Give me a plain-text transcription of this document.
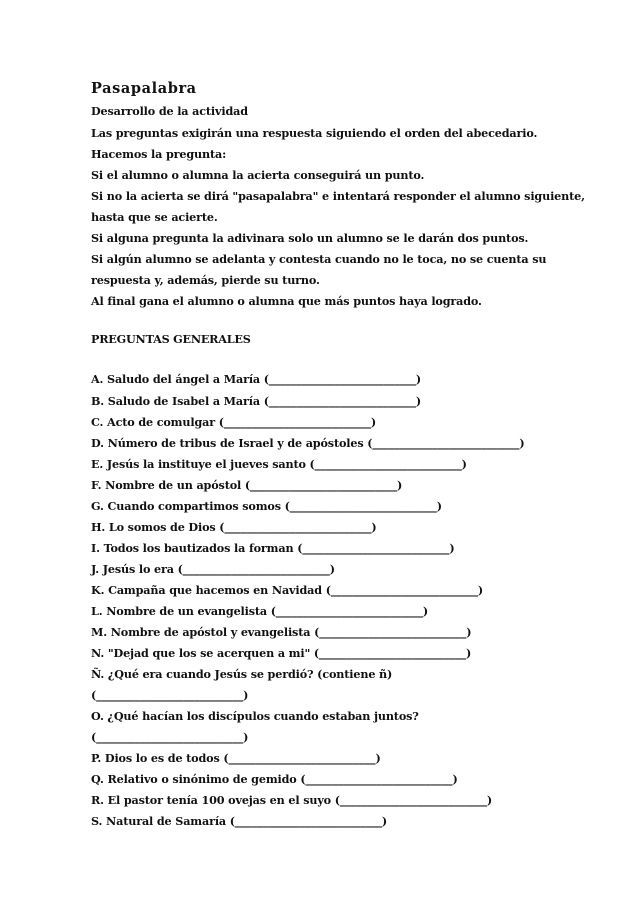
Pasapalabra
Desarrollo de la actividad
Las preguntas exigirán una respuesta siguiendo el orden del abecedario.
Hacemos la pregunta:
Si el alumno o alumna la acierta conseguirá un punto.
Si no la acierta se dirá "pasapalabra" e intentará responder el alumno siguiente,
hasta que se acierte.
Si alguna pregunta la adivinara solo un alumno se le darán dos puntos.
Si algún alumno se adelanta y contesta cuando no le toca, no se cuenta su
respuesta y, además, pierde su turno.
Al final gana el alumno o alumna que más puntos haya logrado.
PREGUNTAS GENERALES
A. Saludo del ángel a María (___________________________)
B. Saludo de Isabel a María (___________________________)
C. Acto de comulgar (___________________________)
D. Número de tribus de Israel y de apóstoles (___________________________)
E. Jesús la instituye el jueves santo (___________________________)
F. Nombre de un apóstol (___________________________)
G. Cuando compartimos somos (___________________________)
H. Lo somos de Dios (___________________________)
I. Todos los bautizados la forman (___________________________)
J. Jesús lo era (___________________________)
K. Campaña que hacemos en Navidad (___________________________)
L. Nombre de un evangelista (___________________________)
M. Nombre de apóstol y evangelista (___________________________)
N. "Dejad que los se acerquen a mi" (___________________________)
Ñ. ¿Qué era cuando Jesús se perdió? (contiene ñ)
(___________________________)
O. ¿Qué hacían los discípulos cuando estaban juntos?
(___________________________)
P. Dios lo es de todos (___________________________)
Q. Relativo o sinónimo de gemido (___________________________)
R. El pastor tenía 100 ovejas en el suyo (___________________________)
S. Natural de Samaría (___________________________)
